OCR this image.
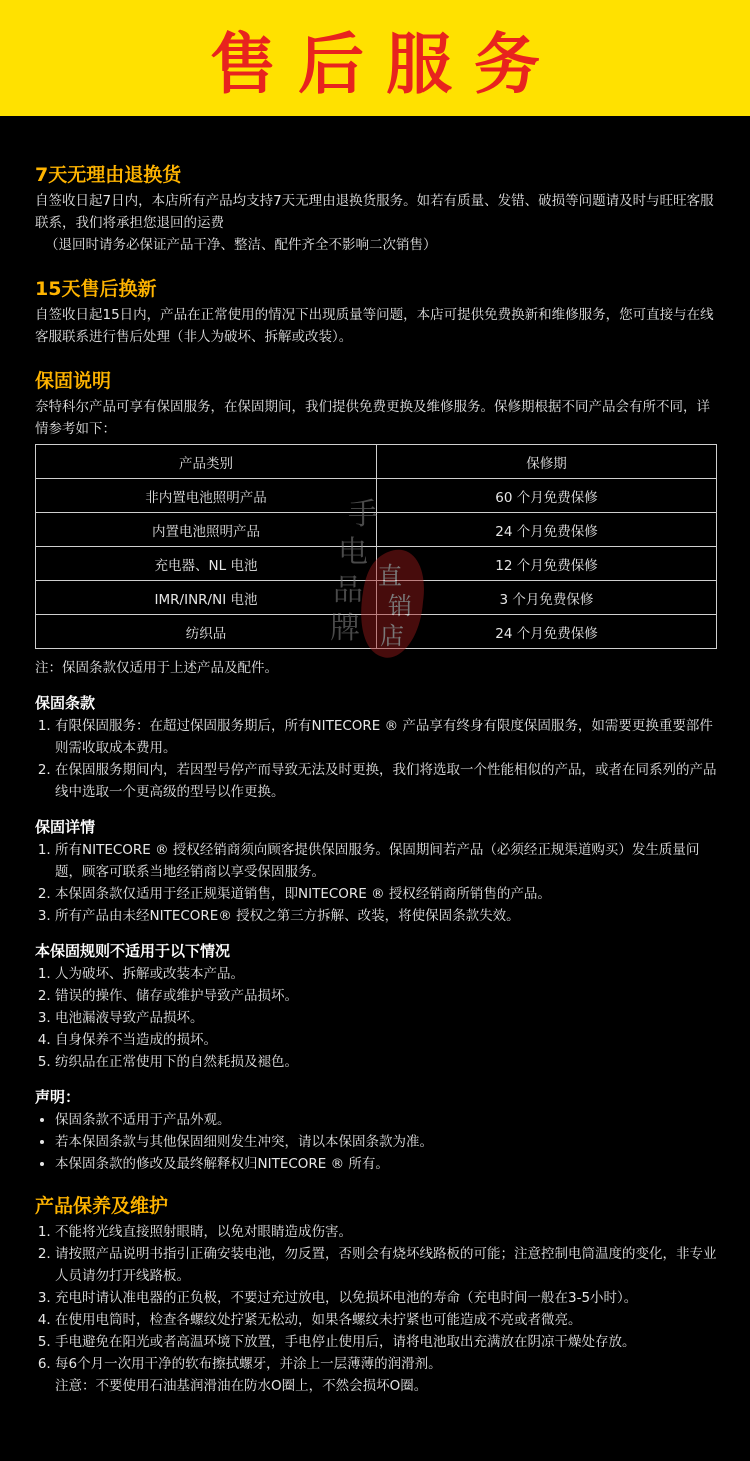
售后服务
7天无理由退换货
自签收日起7日内，本店所有产品均支持7天无理由退换货服务。如若有质量、发错、破损等问题请及时与旺旺客服联系，我们将承担您退回的运费
（退回时请务必保证产品干净、整洁、配件齐全不影响二次销售）
15天售后换新
自签收日起15日内，产品在正常使用的情况下出现质量等问题，本店可提供免费换新和维修服务，您可直接与在线客服联系进行售后处理（非人为破坏、拆解或改装）。
保固说明
奈特科尔产品可享有保固服务，在保固期间，我们提供免费更换及维修服务。保修期根据不同产品会有所不同，详情参考如下：
产品类别	保修期
非内置电池照明产品	60 个月免费保修
内置电池照明产品	24 个月免费保修
充电器、NL 电池	12 个月免费保修
IMR/INR/NI 电池	3 个月免费保修
纺织品	24 个月免费保修
注：保固条款仅适用于上述产品及配件。
保固条款
1. 有限保固服务：在超过保固服务期后，所有NITECORE ® 产品享有终身有限度保固服务，如需要更换重要部件则需收取成本费用。
2. 在保固服务期间内，若因型号停产而导致无法及时更换，我们将选取一个性能相似的产品，或者在同系列的产品线中选取一个更高级的型号以作更换。
保固详情
1. 所有NITECORE ® 授权经销商须向顾客提供保固服务。保固期间若产品（必须经正规渠道购买）发生质量问题，顾客可联系当地经销商以享受保固服务。
2. 本保固条款仅适用于经正规渠道销售，即NITECORE ® 授权经销商所销售的产品。
3. 所有产品由未经NITECORE® 授权之第三方拆解、改装，将使保固条款失效。
本保固规则不适用于以下情况
1. 人为破坏、拆解或改装本产品。
2. 错误的操作、储存或维护导致产品损坏。
3. 电池漏液导致产品损坏。
4. 自身保养不当造成的损坏。
5. 纺织品在正常使用下的自然耗损及褪色。
声明：
• 保固条款不适用于产品外观。
• 若本保固条款与其他保固细则发生冲突，请以本保固条款为准。
• 本保固条款的修改及最终解释权归NITECORE ® 所有。
产品保养及维护
1. 不能将光线直接照射眼睛，以免对眼睛造成伤害。
2. 请按照产品说明书指引正确安装电池，勿反置，否则会有烧坏线路板的可能；注意控制电筒温度的变化，非专业人员请勿打开线路板。
3. 充电时请认准电器的正负极，不要过充过放电，以免损坏电池的寿命（充电时间一般在3-5小时）。
4. 在使用电筒时，检查各螺纹处拧紧无松动，如果各螺纹未拧紧也可能造成不亮或者微亮。
5. 手电避免在阳光或者高温环境下放置，手电停止使用后，请将电池取出充满放在阴凉干燥处存放。
6. 每6个月一次用干净的软布擦拭螺牙，并涂上一层薄薄的润滑剂。
注意：不要使用石油基润滑油在防水O圈上，不然会损坏O圈。
手
电
品
牌
直
销
店
